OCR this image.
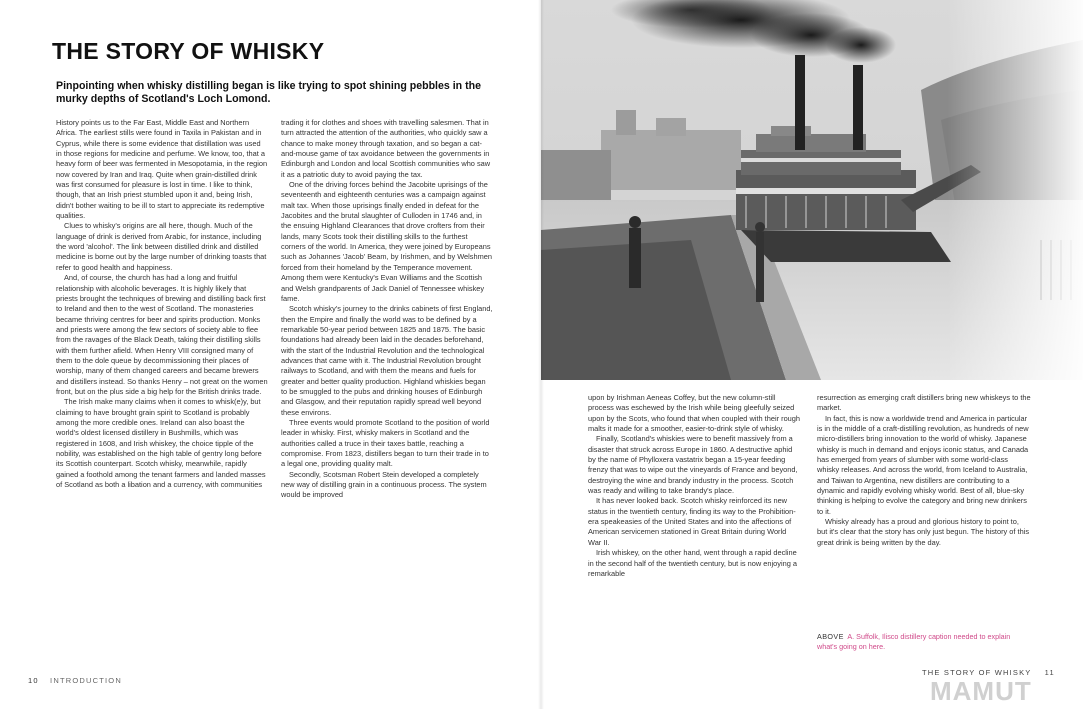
THE STORY OF WHISKY

Pinpointing when whisky distilling began is like trying to spot shining pebbles in the murky depths of Scotland's Loch Lomond.

History points us to the Far East, Middle East and Northern Africa. The earliest stills were found in Taxila in Pakistan and in Cyprus, while there is some evidence that distillation was used in those regions for medicine and perfume. We know, too, that a heavy form of beer was fermented in Mesopotamia, in the region now covered by Iran and Iraq. Quite when grain-distilled drink was first consumed for pleasure is lost in time. I like to think, though, that an Irish priest stumbled upon it and, being Irish, didn't bother waiting to be ill to start to appreciate its redemptive qualities.

Clues to whisky's origins are all here, though. Much of the language of drink is derived from Arabic, for instance, including the word 'alcohol'. The link between distilled drink and distilled medicine is borne out by the large number of drinking toasts that refer to good health and happiness.

And, of course, the church has had a long and fruitful relationship with alcoholic beverages. It is highly likely that priests brought the techniques of brewing and distilling back first to Ireland and then to the west of Scotland. The monasteries became thriving centres for beer and spirits production. Monks and priests were among the few sectors of society able to flee from the ravages of the Black Death, taking their distilling skills with them further afield. When Henry VIII consigned many of them to the dole queue by decommissioning their places of worship, many of them changed careers and became brewers and distillers instead. So thanks Henry – not great on the women front, but on the plus side a big help for the British drinks trade.

The Irish make many claims when it comes to whisk(e)y, but claiming to have brought grain spirit to Scotland is probably among the more credible ones. Ireland can also boast the world's oldest licensed distillery in Bushmills, which was registered in 1608, and Irish whiskey, the choice tipple of the nobility, was established on the high table of gentry long before its Scottish counterpart. Scotch whisky, meanwhile, rapidly gained a foothold among the tenant farmers and landed masses of Scotland as both a libation and a currency, with communities

trading it for clothes and shoes with travelling salesmen. That in turn attracted the attention of the authorities, who quickly saw a chance to make money through taxation, and so began a cat-and-mouse game of tax avoidance between the governments in Edinburgh and London and local Scottish communities who saw it as a patriotic duty to avoid paying the tax.

One of the driving forces behind the Jacobite uprisings of the seventeenth and eighteenth centuries was a campaign against malt tax. When those uprisings finally ended in defeat for the Jacobites and the brutal slaughter of Culloden in 1746 and, in the ensuing Highland Clearances that drove crofters from their lands, many Scots took their distilling skills to the furthest corners of the world. In America, they were joined by Europeans such as Johannes 'Jacob' Beam, by Irishmen, and by Welshmen forced from their homeland by the Temperance movement. Among them were Kentucky's Evan Williams and the Scottish and Welsh grandparents of Jack Daniel of Tennessee whiskey fame.

Scotch whisky's journey to the drinks cabinets of first England, then the Empire and finally the world was to be defined by a remarkable 50-year period between 1825 and 1875. The basic foundations had already been laid in the decades beforehand, with the start of the Industrial Revolution and the technological advances that came with it. The Industrial Revolution brought railways to Scotland, and with them the means and fuels for greater and better quality production. Highland whiskies began to be smuggled to the pubs and drinking houses of Edinburgh and Glasgow, and their reputation rapidly spread well beyond these environs.

Three events would promote Scotland to the position of world leader in whisky. First, whisky makers in Scotland and the authorities called a truce in their taxes battle, reaching a compromise. From 1823, distillers began to turn their trade in to a legal one, providing quality malt.

Secondly, Scotsman Robert Stein developed a completely new way of distilling grain in a continuous process. The system would be improved

upon by Irishman Aeneas Coffey, but the new column-still process was eschewed by the Irish while being gleefully seized upon by the Scots, who found that when coupled with their rough malts it made for a smoother, easier-to-drink style of whisky.

Finally, Scotland's whiskies were to benefit massively from a disaster that struck across Europe in 1860. A destructive aphid by the name of Phylloxera vastatrix began a 15-year feeding frenzy that was to wipe out the vineyards of France and beyond, destroying the wine and brandy industry in the process. Scotch was ready and willing to take brandy's place.

It has never looked back. Scotch whisky reinforced its new status in the twentieth century, finding its way to the Prohibition-era speakeasies of the United States and into the affections of American servicemen stationed in Great Britain during World War II.

Irish whiskey, on the other hand, went through a rapid decline in the second half of the twentieth century, but is now enjoying a remarkable

resurrection as emerging craft distillers bring new whiskeys to the market.

In fact, this is now a worldwide trend and America in particular is in the middle of a craft-distilling revolution, as hundreds of new micro-distillers bring innovation to the world of whisky. Japanese whisky is much in demand and enjoys iconic status, and Canada has emerged from years of slumber with some world-class whisky releases. And across the world, from Iceland to Australia, and Taiwan to Argentina, new distillers are contributing to a dynamic and rapidly evolving whisky world. Best of all, blue-sky thinking is helping to evolve the category and bring new drinkers to it.

Whisky already has a proud and glorious history to point to, but it's clear that the story has only just begun. The history of this great drink is being written by the day.

ABOVE A. Suffolk, Ilisco distillery caption needed to explain what's going on here.
10 INTRODUCTION
THE STORY OF WHISKY 11
MAMUT
